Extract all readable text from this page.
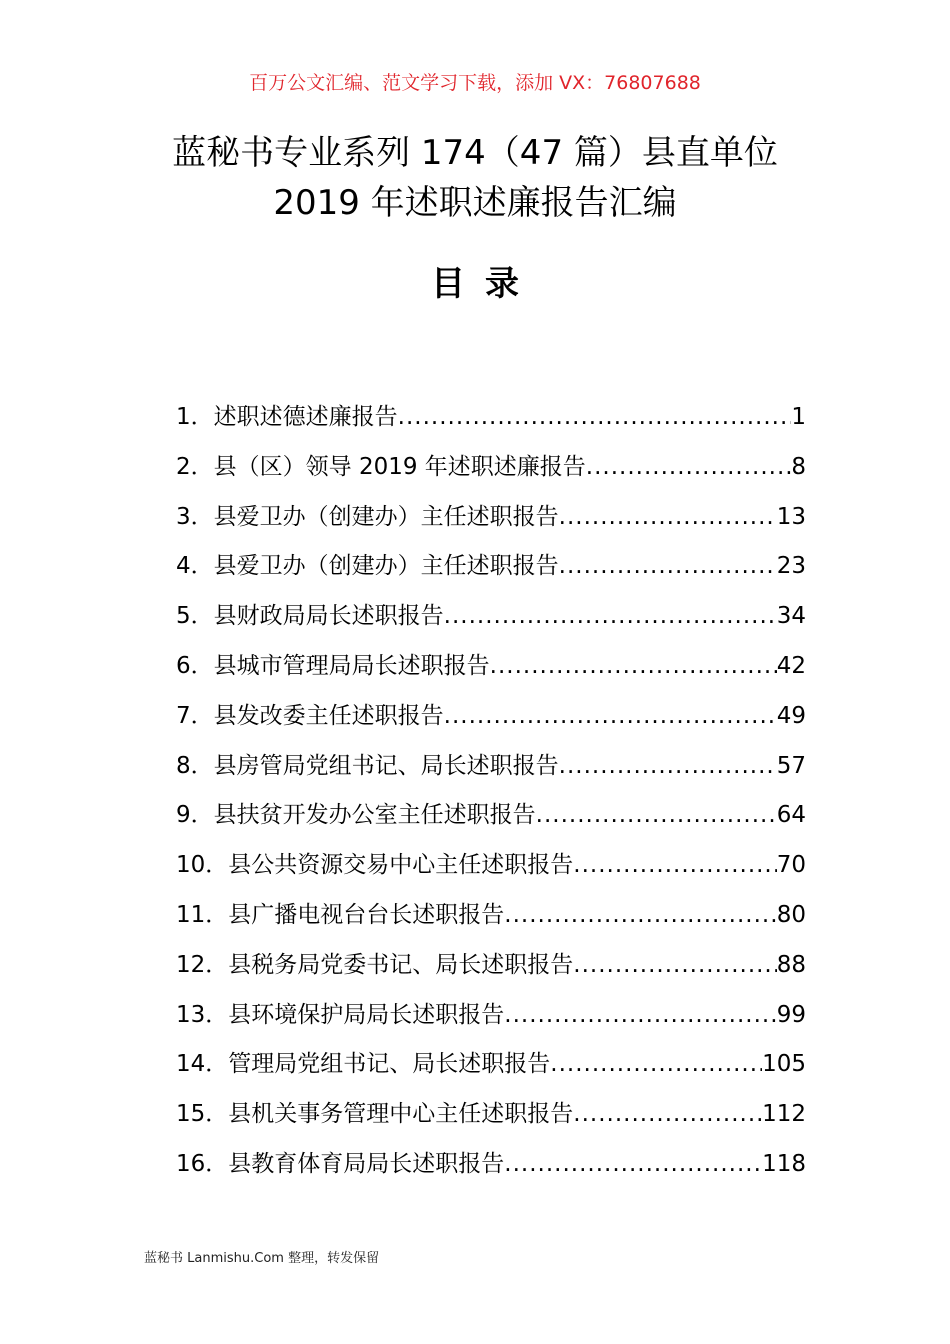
百万公文汇编、范文学习下载，添加 VX：76807688
蓝秘书专业系列 174（47 篇）县直单位
2019 年述职述廉报告汇编
目录
1．述职述德述廉报告 .....	1
2．县（区）领导 2019 年述职述廉报告 .....	8
3．县爱卫办（创建办）主任述职报告 .....	13
4．县爱卫办（创建办）主任述职报告 .....	23
5．县财政局局长述职报告 .....	34
6．县城市管理局局长述职报告 .....	42
7．县发改委主任述职报告 .....	49
8．县房管局党组书记、局长述职报告 .....	57
9．县扶贫开发办公室主任述职报告 .....	64
10．县公共资源交易中心主任述职报告 .....	70
11．县广播电视台台长述职报告 .....	80
12．县税务局党委书记、局长述职报告 .....	88
13．县环境保护局局长述职报告 .....	99
14．管理局党组书记、局长述职报告 .....	105
15．县机关事务管理中心主任述职报告 .....	112
16．县教育体育局局长述职报告 .....	118
蓝秘书 Lanmishu.Com 整理，转发保留
